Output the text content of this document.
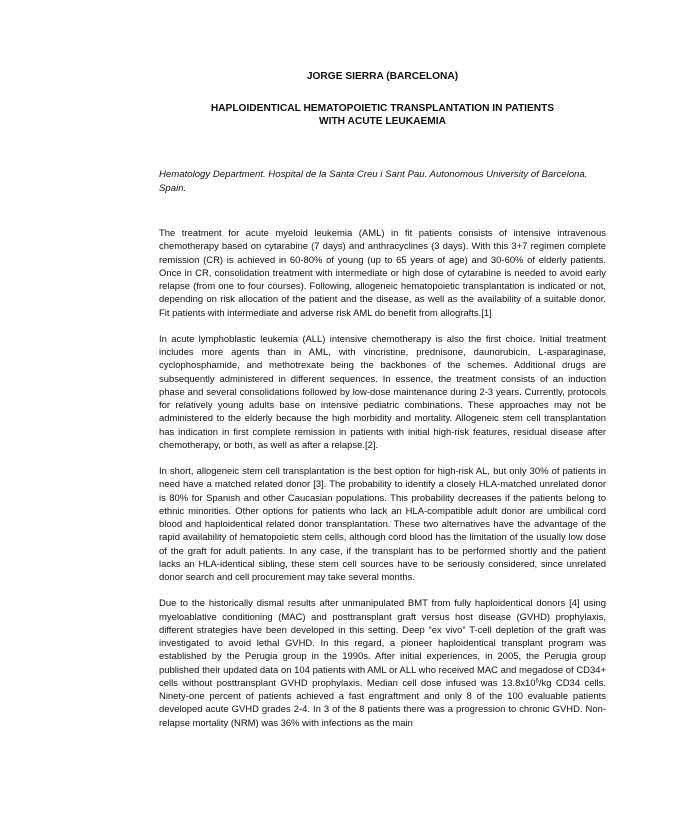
JORGE SIERRA (BARCELONA)
HAPLOIDENTICAL HEMATOPOIETIC TRANSPLANTATION IN PATIENTS
WITH ACUTE LEUKAEMIA
Hematology Department. Hospital de la Santa Creu i Sant Pau. Autonomous University of Barcelona. Spain.

The treatment for acute myeloid leukemia (AML) in fit patients consists of intensive intravenous chemotherapy based on cytarabine (7 days) and anthracyclines (3 days). With this 3+7 regimen complete remission (CR) is achieved in 60-80% of young (up to 65 years of age) and 30-60% of elderly patients. Once in CR, consolidation treatment with intermediate or high dose of cytarabine is needed to avoid early relapse (from one to four courses). Following, allogeneic hematopoietic transplantation is indicated or not, depending on risk allocation of the patient and the disease, as well as the availability of a suitable donor. Fit patients with intermediate and adverse risk AML do benefit from allografts.[1]

In acute lymphoblastic leukemia (ALL) intensive chemotherapy is also the first choice. Initial treatment includes more agents than in AML, with vincristine, prednisone, daunorubicin, L-asparaginase, cyclophosphamide, and methotrexate being the backbones of the schemes. Additional drugs are subsequently administered in different sequences. In essence, the treatment consists of an induction phase and several consolidations followed by low-dose maintenance during 2-3 years. Currently, protocols for relatively young adults base on intensive pediatric combinations. These approaches may not be administered to the elderly because the high morbidity and mortality. Allogeneic stem cell transplantation has indication in first complete remission in patients with initial high-risk features, residual disease after chemotherapy, or both, as well as after a relapse.[2].

In short, allogeneic stem cell transplantation is the best option for high-risk AL, but only 30% of patients in need have a matched related donor [3]. The probability to identify a closely HLA-matched unrelated donor is 80% for Spanish and other Caucasian populations. This probability decreases if the patients belong to ethnic minorities. Other options for patients who lack an HLA-compatible adult donor are umbilical cord blood and haploidentical related donor transplantation. These two alternatives have the advantage of the rapid availability of hematopoietic stem cells, although cord blood has the limitation of the usually low dose of the graft for adult patients. In any case, if the transplant has to be performed shortly and the patient lacks an HLA-identical sibling, these stem cell sources have to be seriously considered, since unrelated donor search and cell procurement may take several months.

Due to the historically dismal results after unmanipulated BMT from fully haploidentical donors [4] using myeloablative conditioning (MAC) and posttransplant graft versus host disease (GVHD) prophylaxis, different strategies have been developed in this setting. Deep “ex vivo” T-cell depletion of the graft was investigated to avoid lethal GVHD. In this regard, a pioneer haploidentical transplant program was established by the Perugia group in the 1990s. After initial experiences, in 2005, the Perugia group published their updated data on 104 patients with AML or ALL who received MAC and megadose of CD34+ cells without posttransplant GVHD prophylaxis. Median cell dose infused was $13.8x10^6/kg$ CD34 cells. Ninety-one percent of patients achieved a fast engraftment and only 8 of the 100 evaluable patients developed acute GVHD grades 2-4. In 3 of the 8 patients there was a progression to chronic GVHD. Non-relapse mortality (NRM) was 36% with infections as the main
